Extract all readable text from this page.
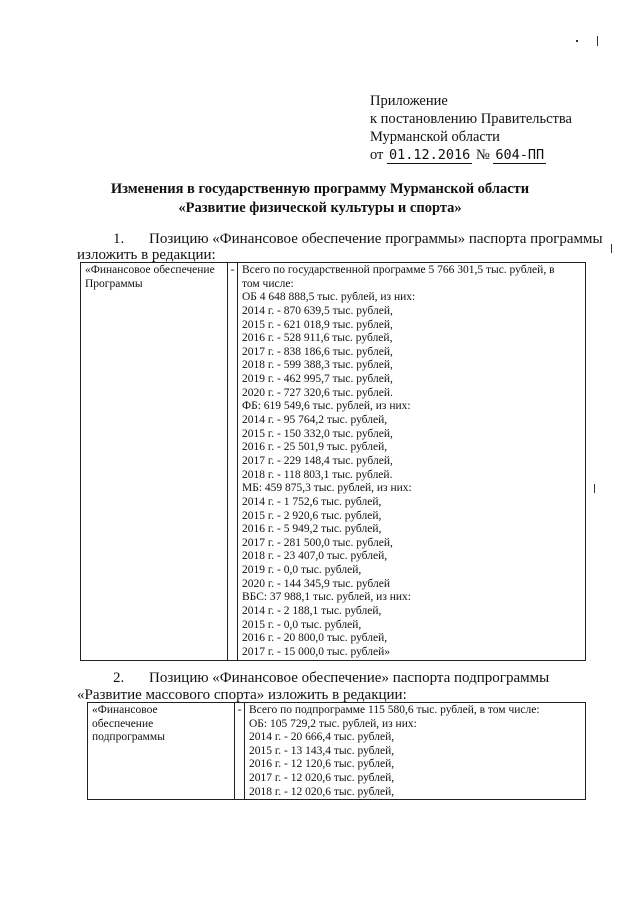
Приложение
к постановлению Правительства
Мурманской области
от 01.12.2016 № 604-ПП
Изменения в государственную программу Мурманской области
«Развитие физической культуры и спорта»
1. Позицию «Финансовое обеспечение программы» паспорта программы
изложить в редакции:
«Финансовое обеспечение
Программы
	-	Всего по государственной программе 5 766 301,5 тыс. рублей, в
том числе:
ОБ 4 648 888,5 тыс. рублей, из них:
2014 г. - 870 639,5 тыс. рублей,
2015 г. - 621 018,9 тыс. рублей,
2016 г. - 528 911,6 тыс. рублей,
2017 г. - 838 186,6 тыс. рублей,
2018 г. - 599 388,3 тыс. рублей,
2019 г. - 462 995,7 тыс. рублей,
2020 г. - 727 320,6 тыс. рублей.
ФБ: 619 549,6 тыс. рублей, из них:
2014 г. - 95 764,2 тыс. рублей,
2015 г. - 150 332,0 тыс. рублей,
2016 г. - 25 501,9 тыс. рублей,
2017 г. - 229 148,4 тыс. рублей,
2018 г. - 118 803,1 тыс. рублей.
МБ: 459 875,3 тыс. рублей, из них:
2014 г. - 1 752,6 тыс. рублей,
2015 г. - 2 920,6 тыс. рублей,
2016 г. - 5 949,2 тыс. рублей,
2017 г. - 281 500,0 тыс. рублей,
2018 г. - 23 407,0 тыс. рублей,
2019 г. - 0,0 тыс. рублей,
2020 г. - 144 345,9 тыс. рублей
ВБС: 37 988,1 тыс. рублей, из них:
2014 г. - 2 188,1 тыс. рублей,
2015 г. - 0,0 тыс. рублей,
2016 г. - 20 800,0 тыс. рублей,
2017 г. - 15 000,0 тыс. рублей»
2. Позицию «Финансовое обеспечение» паспорта подпрограммы
«Развитие массового спорта» изложить в редакции:
«Финансовое
обеспечение
подпрограммы
	-	Всего по подпрограмме 115 580,6 тыс. рублей, в том числе:
ОБ: 105 729,2 тыс. рублей, из них:
2014 г. - 20 666,4 тыс. рублей,
2015 г. - 13 143,4 тыс. рублей,
2016 г. - 12 120,6 тыс. рублей,
2017 г. - 12 020,6 тыс. рублей,
2018 г. - 12 020,6 тыс. рублей,
